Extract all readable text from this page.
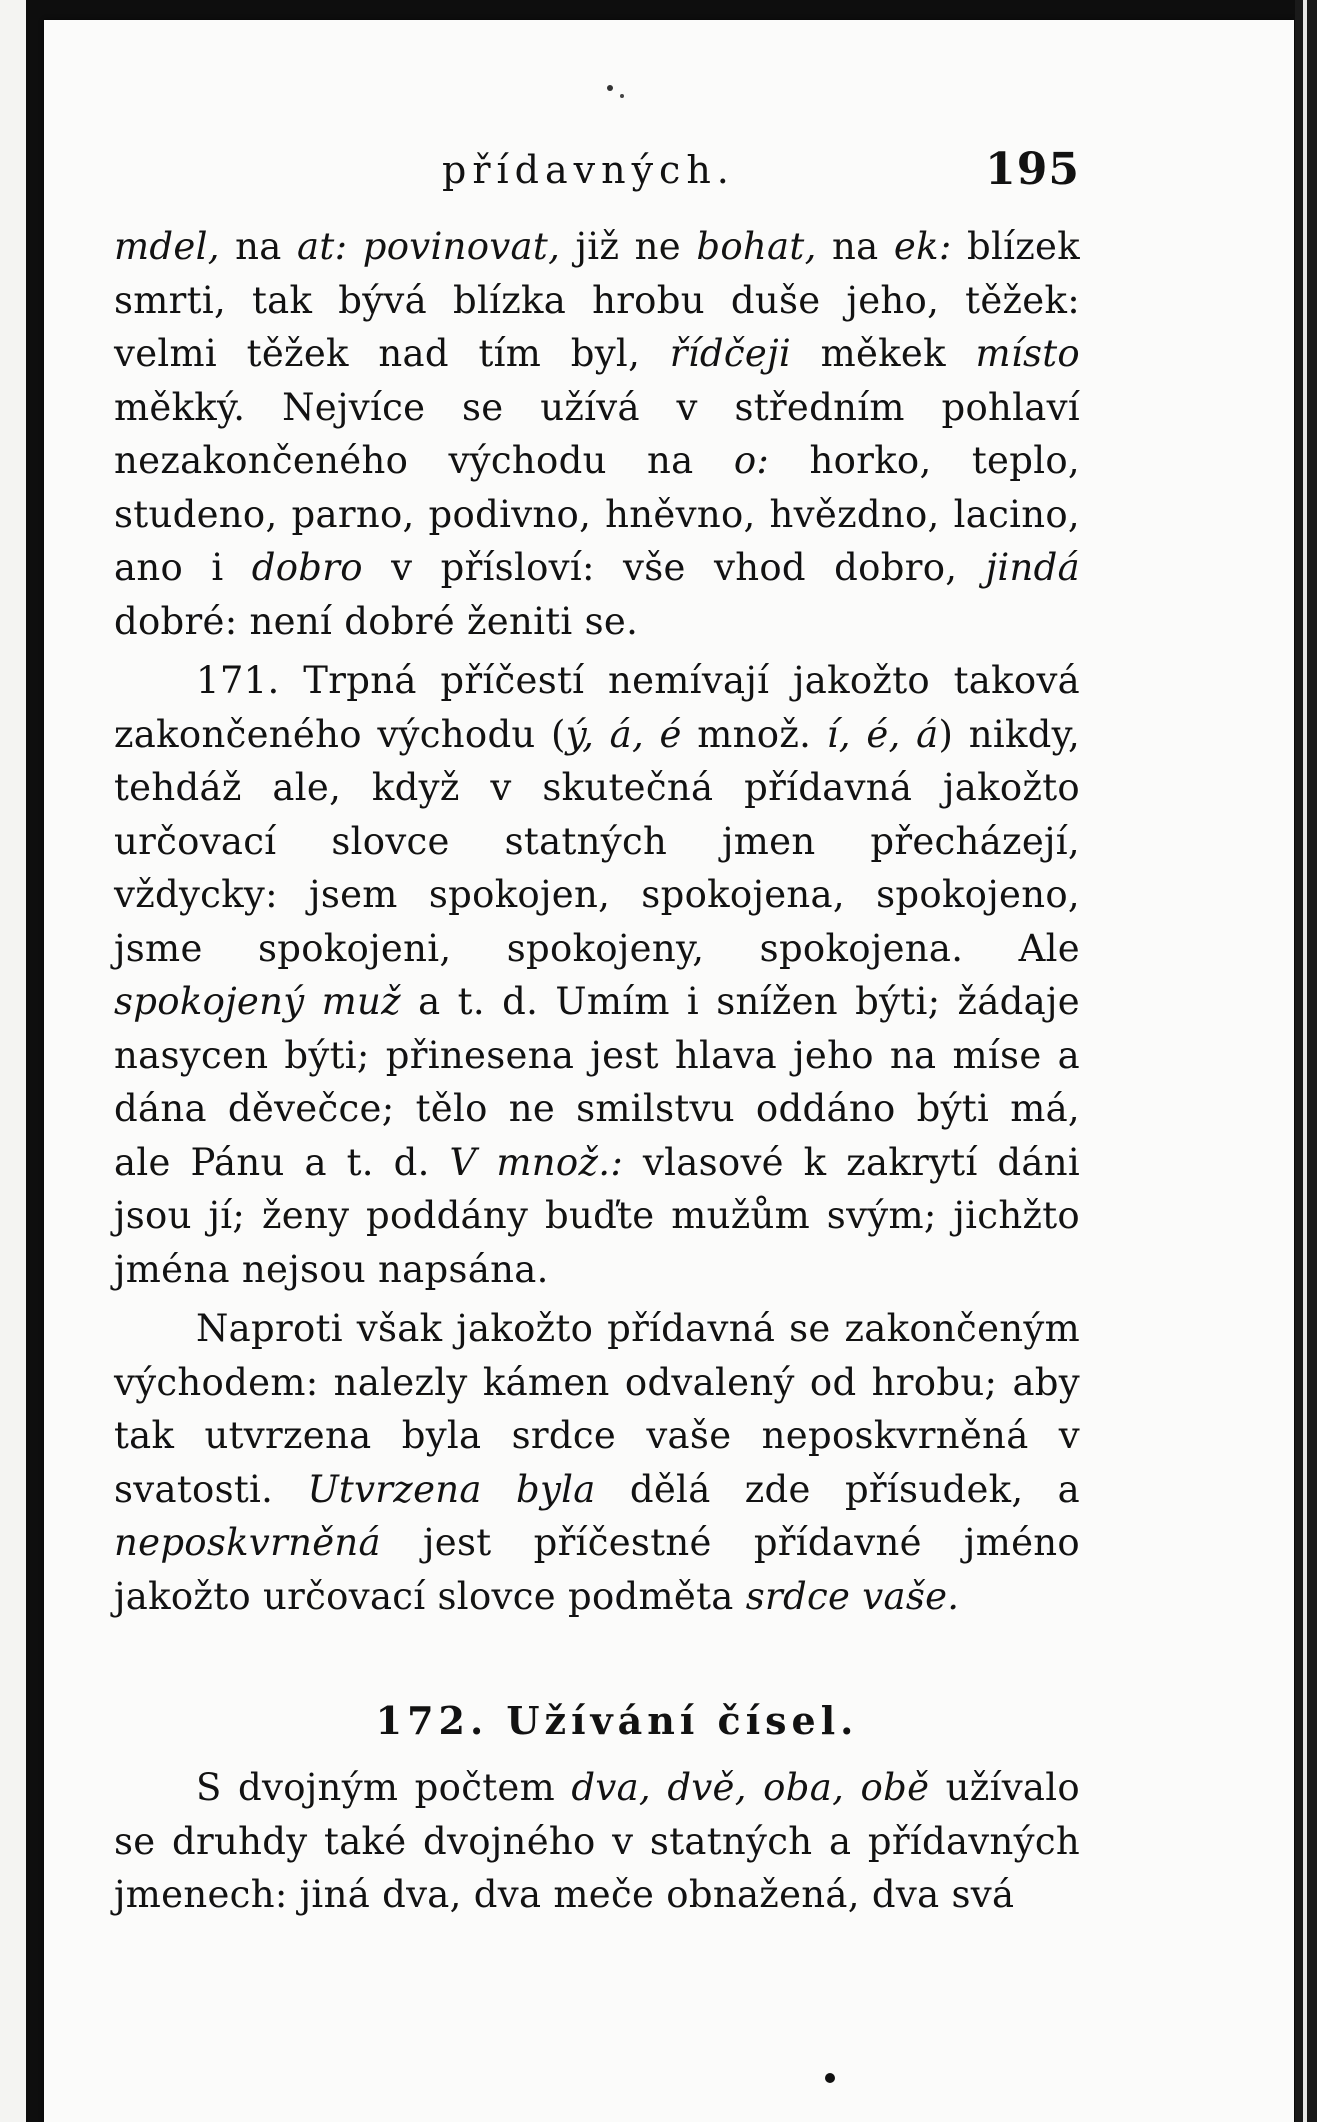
přídavných.	195

mdel, na at: povinovat, již ne bohat, na ek: blízek smrti, tak bývá blízka hrobu duše jeho, těžek: velmi těžek nad tím byl, řídčeji měkek místo měkký. Nejvíce se užívá v středním pohlaví nezakončeného východu na o: horko, teplo, studeno, parno, podivno, hněvno, hvězdno, lacino, ano i dobro v přísloví: vše vhod dobro, jindá dobré: není dobré ženiti se.

171. Trpná příčestí nemívají jakožto taková zakončeného východu (ý, á, é množ. í, é, á) nikdy, tehdáž ale, když v skutečná přídavná jakožto určovací slovce statných jmen přecházejí, vždycky: jsem spokojen, spokojena, spokojeno, jsme spokojeni, spokojeny, spokojena. Ale spokojený muž a t. d. Umím i snížen býti; žádaje nasycen býti; přinesena jest hlava jeho na míse a dána děvečce; tělo ne smilstvu oddáno býti má, ale Pánu a t. d. V množ.: vlasové k zakrytí dáni jsou jí; ženy poddány buďte mužům svým; jichžto jména nejsou napsána.

Naproti však jakožto přídavná se zakončeným východem: nalezly kámen odvalený od hrobu; aby tak utvrzena byla srdce vaše neposkvrněná v svatosti. Utvrzena byla dělá zde přísudek, a neposkvrněná jest příčestné přídavné jméno jakožto určovací slovce podměta srdce vaše.

172. Užívání čísel.

S dvojným počtem dva, dvě, oba, obě užívalo se druhdy také dvojného v statných a přídavných jmenech: jiná dva, dva meče obnažená, dva svá
